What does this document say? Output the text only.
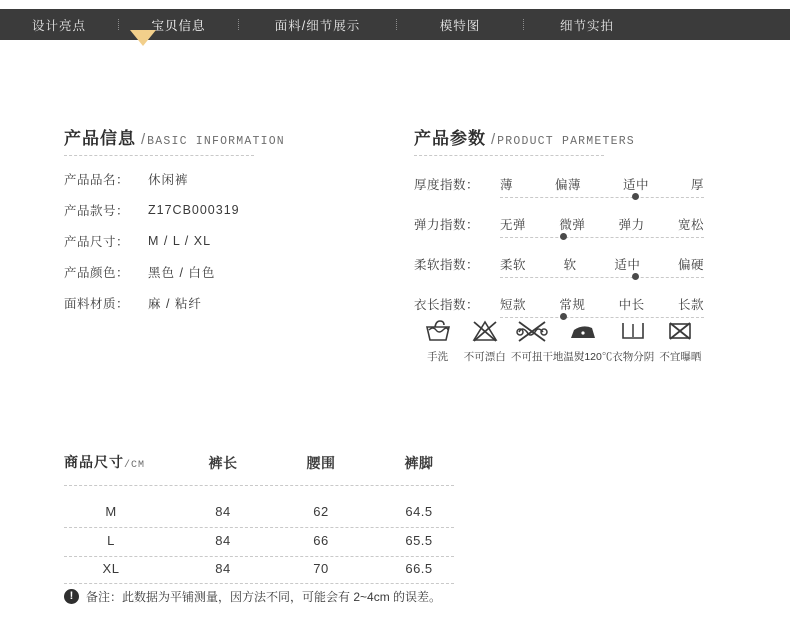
设计亮点	宝贝信息	面料/细节展示	模特图	细节实拍
产品信息 / BASIC INFORMATION
产品品名：	休闲裤
产品款号：	Z17CB000319
产品尺寸：	M / L / XL
产品颜色：	黑色 / 白色
面料材质：	麻 / 粘纤
产品参数 / PRODUCT PARMETERS
厚度指数： 薄	偏薄	适中	厚
弹力指数： 无弹	微弹	弹力	宽松
柔软指数： 柔软	软	适中	偏硬
衣长指数： 短款	常规	中长	长款
手洗 不可漂白 不可扭干 地温熨120℃ 衣物分阴 不宜曝晒
商品尺寸/CM	裤长	腰围	裤脚
M	84	62	64.5
L	84	66	65.5
XL	84	70	66.5
!	备注： 此数据为平铺测量，因方法不同，可能会有 2~4cm 的误差。
